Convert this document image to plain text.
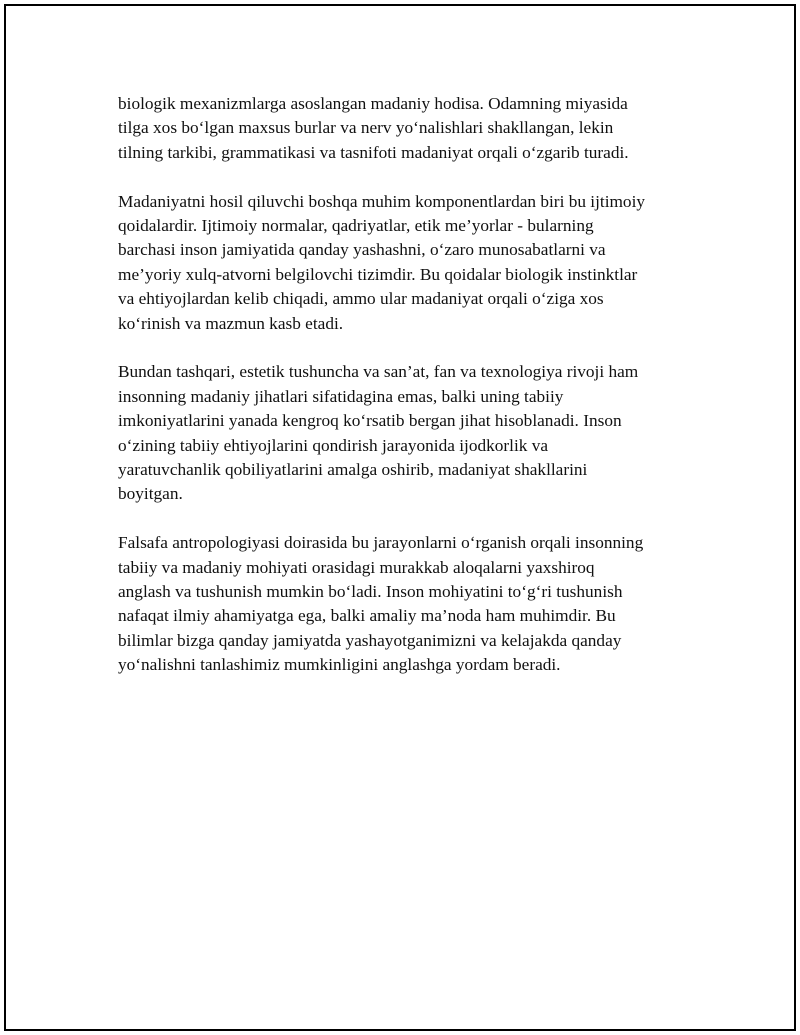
biologik mexanizmlarga asoslangan madaniy hodisa. Odamning miyasida
tilga xos bo‘lgan maxsus burlar va nerv yo‘nalishlari shakllangan, lekin
tilning tarkibi, grammatikasi va tasnifoti madaniyat orqali o‘zgarib turadi.

Madaniyatni hosil qiluvchi boshqa muhim komponentlardan biri bu ijtimoiy
qoidalardir. Ijtimoiy normalar, qadriyatlar, etik me’yorlar - bularning
barchasi inson jamiyatida qanday yashashni, o‘zaro munosabatlarni va
me’yoriy xulq-atvorni belgilovchi tizimdir. Bu qoidalar biologik instinktlar
va ehtiyojlardan kelib chiqadi, ammo ular madaniyat orqali o‘ziga xos
ko‘rinish va mazmun kasb etadi.

Bundan tashqari, estetik tushuncha va san’at, fan va texnologiya rivoji ham
insonning madaniy jihatlari sifatidagina emas, balki uning tabiiy
imkoniyatlarini yanada kengroq ko‘rsatib bergan jihat hisoblanadi. Inson
o‘zining tabiiy ehtiyojlarini qondirish jarayonida ijodkorlik va
yaratuvchanlik qobiliyatlarini amalga oshirib, madaniyat shakllarini
boyitgan.

Falsafa antropologiyasi doirasida bu jarayonlarni o‘rganish orqali insonning
tabiiy va madaniy mohiyati orasidagi murakkab aloqalarni yaxshiroq
anglash va tushunish mumkin bo‘ladi. Inson mohiyatini to‘g‘ri tushunish
nafaqat ilmiy ahamiyatga ega, balki amaliy ma’noda ham muhimdir. Bu
bilimlar bizga qanday jamiyatda yashayotganimizni va kelajakda qanday
yo‘nalishni tanlashimiz mumkinligini anglashga yordam beradi.
